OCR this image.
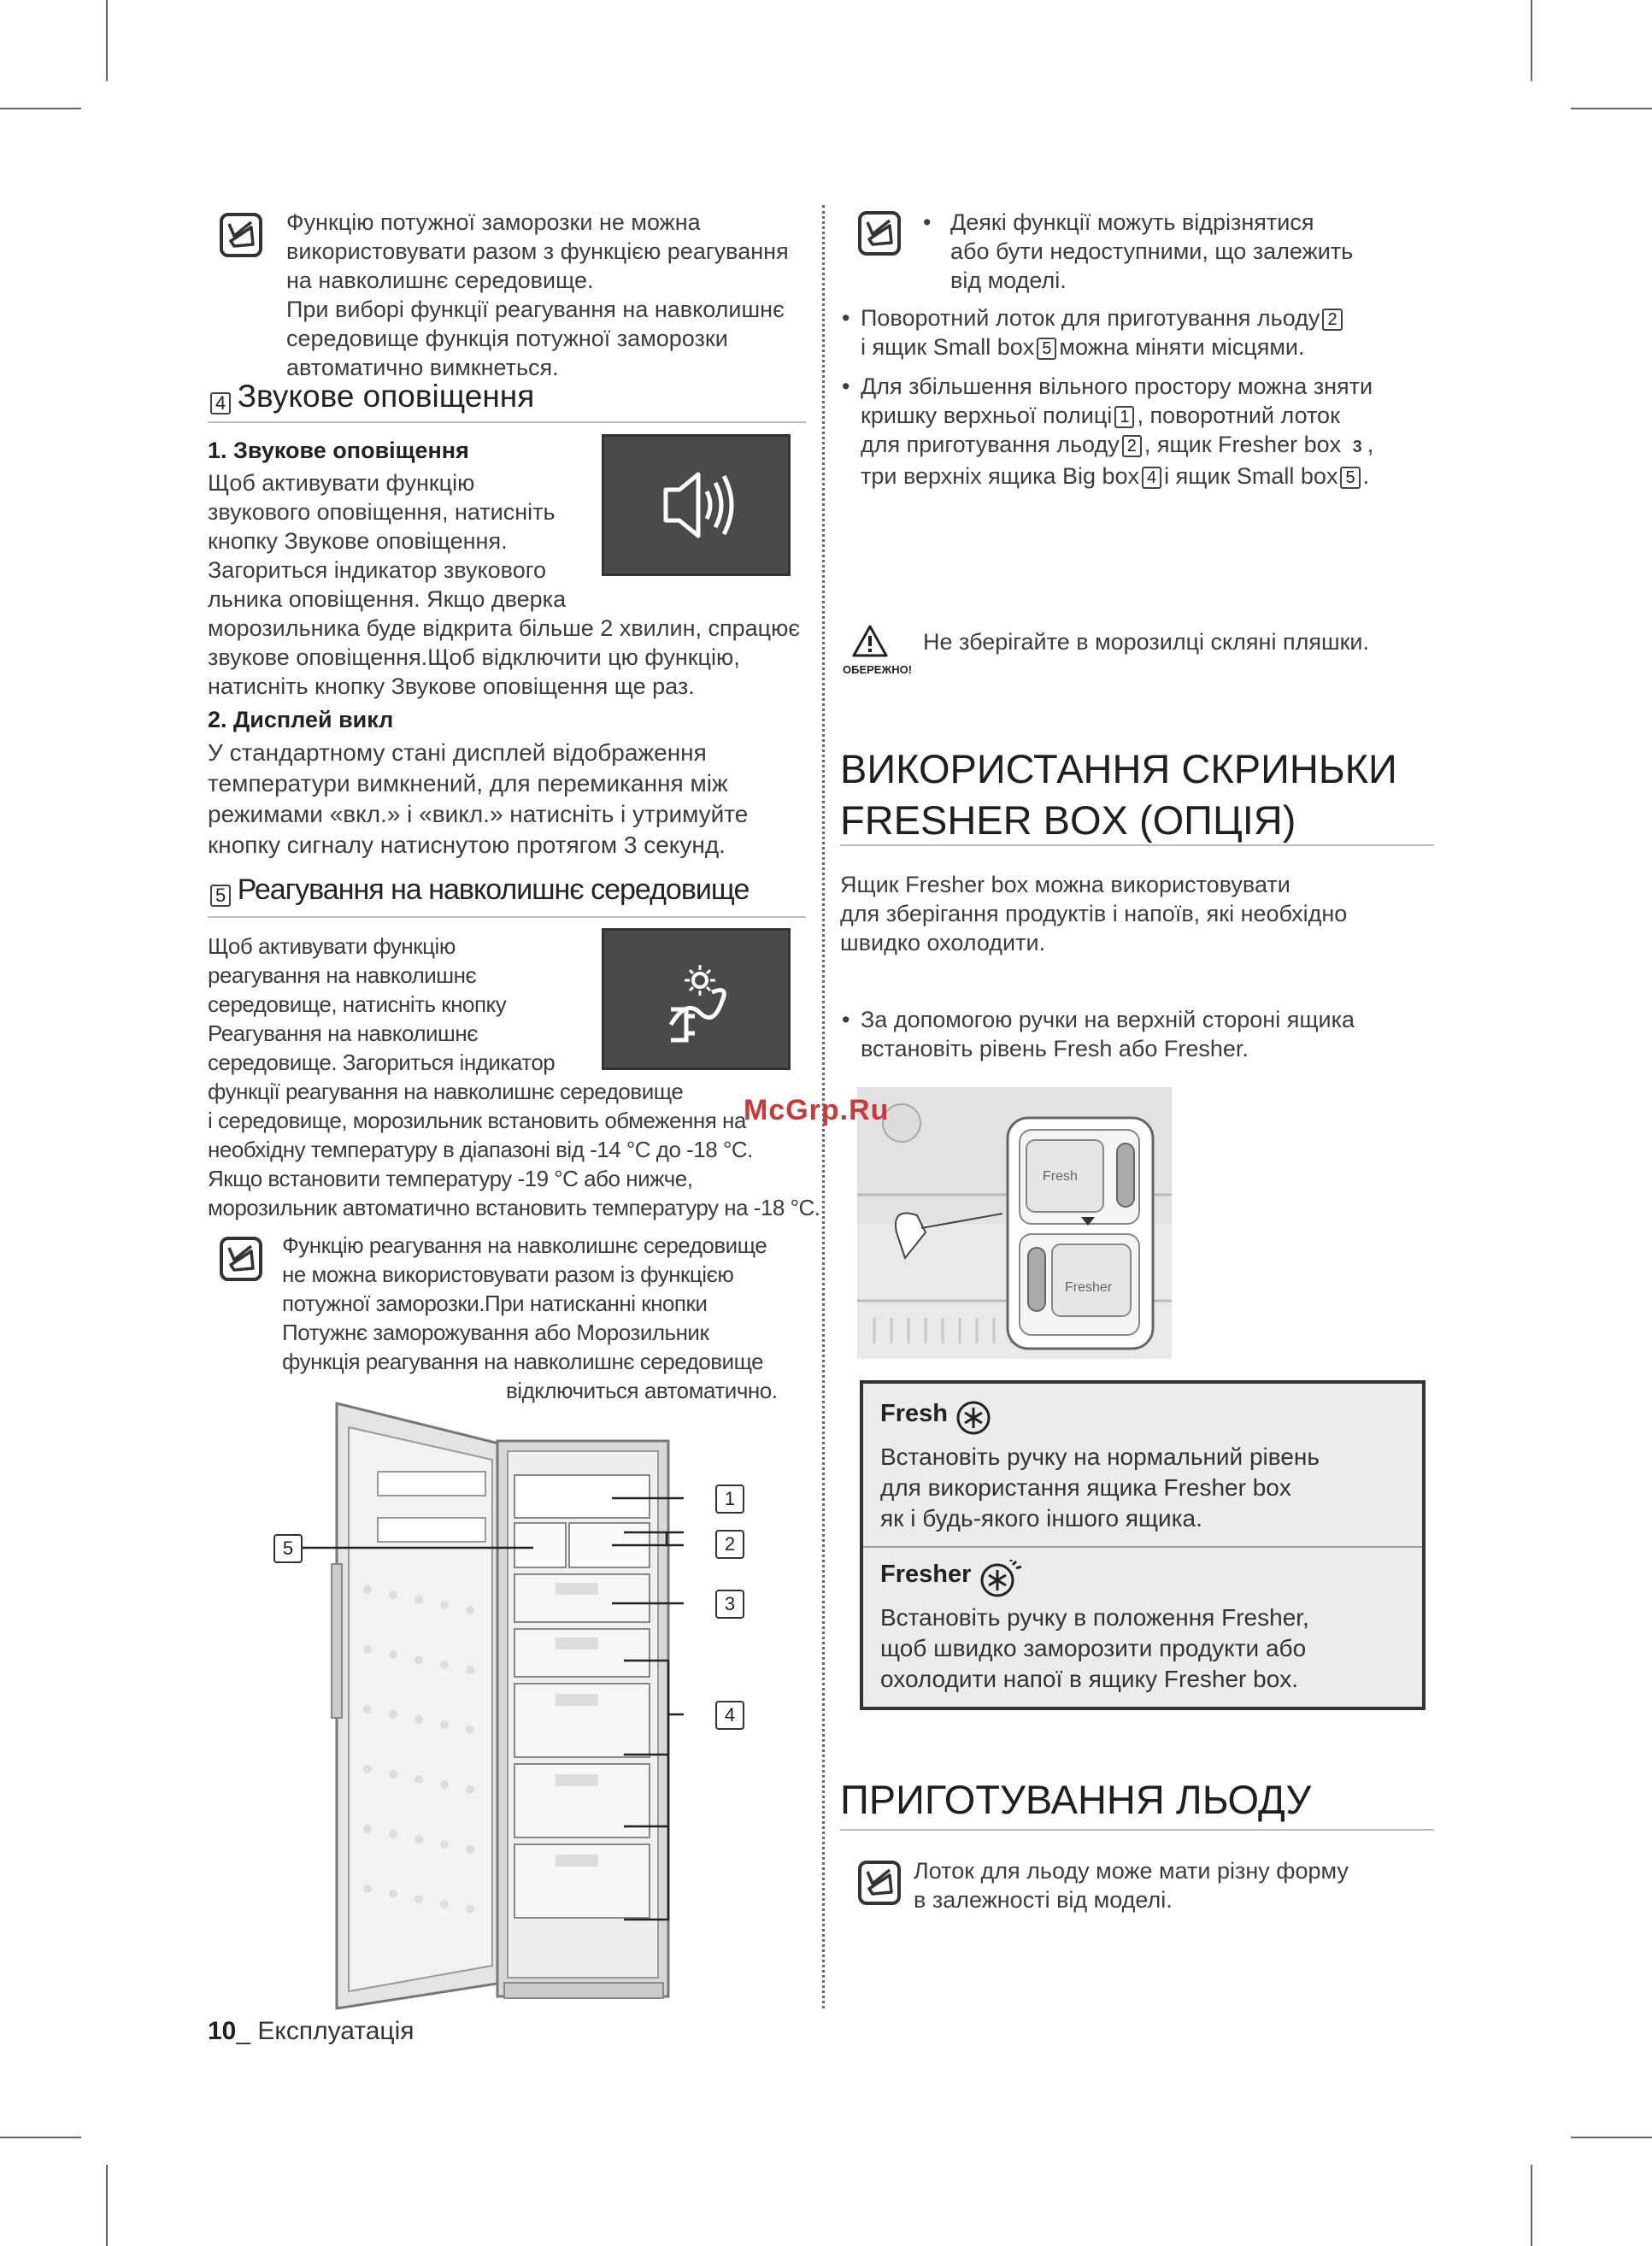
Функцію потужної заморозки не можна
використовувати разом з функцією реагування
на навколишнє середовище.
При виборі функції реагування на навколишнє
середовище функція потужної заморозки
автоматично вимкнеться.
4 Звукове оповіщення
1. Звукове оповіщення
Щоб активувати функцію
звукового оповіщення, натисніть
кнопку Звукове оповіщення.
Загориться індикатор звукового
льника оповіщення. Якщо дверка
морозильника буде відкрита більше 2 хвилин, спрацює
звукове оповіщення.Щоб відключити цю функцію,
натисніть кнопку Звукове оповіщення ще раз.
2. Дисплей викл
У стандартному стані дисплей відображення
температури вимкнений, для перемикання між
режимами «вкл.» і «викл.» натисніть і утримуйте
кнопку сигналу натиснутою протягом 3 секунд.
5 Реагування на навколишнє середовище
Щоб активувати функцію
реагування на навколишнє
середовище, натисніть кнопку
Реагування на навколишнє
середовище. Загориться індикатор
функції реагування на навколишнє середовище
і середовище, морозильник встановить обмеження на
необхідну температуру в діапазоні від -14 °C до -18 °C.
Якщо встановити температуру -19 °C або нижче,
морозильник автоматично встановить температуру на -18 °C.
Функцію реагування на навколишнє середовище
не можна використовувати разом із функцією
потужної заморозки.При натисканні кнопки
Потужнє заморожування або Морозильник
функція реагування на навколишнє середовище
відключиться автоматично.
1
2
3
4
5
10_ Експлуатація
• Деякі функції можуть відрізнятися
або бути недоступними, що залежить
від моделі.
• Поворотний лоток для приготування льоду 2
і ящик Small box 5 можна міняти місцями.
• Для збільшення вільного простору можна зняти
кришку верхньої полиці 1 , поворотний лоток
для приготування льоду 2 , ящик Fresher box 3 ,
три верхніх ящика Big box 4 і ящик Small box 5 .
ОБЕРЕЖНО!
Не зберігайте в морозилці скляні пляшки.
ВИКОРИСТАННЯ СКРИНЬКИ
FRESHER BOX (ОПЦІЯ)
Ящик Fresher box можна використовувати
для зберігання продуктів і напоїв, які необхідно
швидко охолодити.
• За допомогою ручки на верхній стороні ящика
встановіть рівень Fresh або Fresher.
Fresh
Fresher
McGrp.Ru
Fresh
Встановіть ручку на нормальний рівень
для використання ящика Fresher box
як і будь-якого іншого ящика.
Fresher
Встановіть ручку в положення Fresher,
щоб швидко заморозити продукти або
охолодити напої в ящику Fresher box.
ПРИГОТУВАННЯ ЛЬОДУ
Лоток для льоду може мати різну форму
в залежності від моделі.
